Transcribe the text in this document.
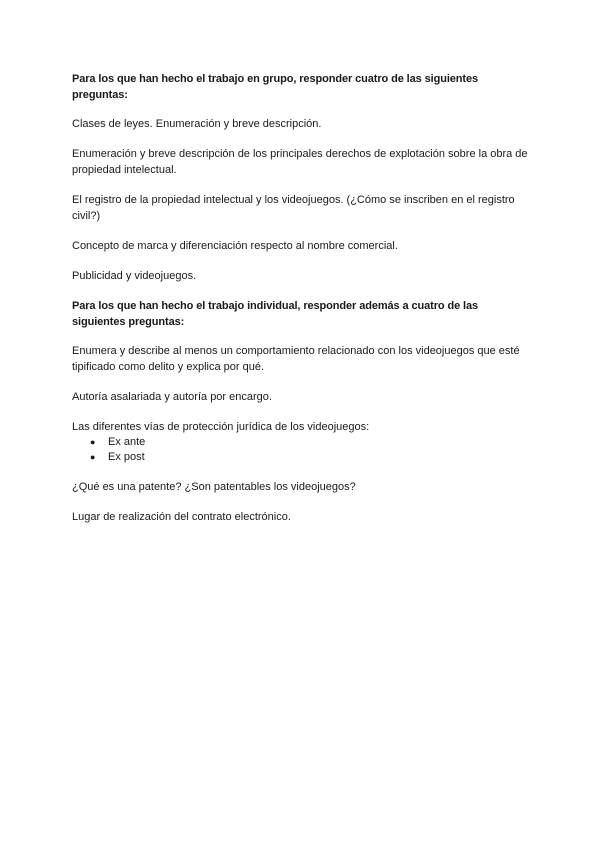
Para los que han hecho el trabajo en grupo, responder cuatro de las siguientes preguntas:

Clases de leyes. Enumeración y breve descripción.

Enumeración y breve descripción de los principales derechos de explotación sobre la obra de propiedad intelectual.

El registro de la propiedad intelectual y los videojuegos. (¿Cómo se inscriben en el registro civil?)

Concepto de marca y diferenciación respecto al nombre comercial.

Publicidad y videojuegos.

Para los que han hecho el trabajo individual, responder además a cuatro de las siguientes preguntas:

Enumera y describe al menos un comportamiento relacionado con los videojuegos que esté tipificado como delito y explica por qué.

Autoría asalariada y autoría por encargo.

Las diferentes vías de protección jurídica de los videojuegos:

● Ex ante
● Ex post

¿Qué es una patente? ¿Son patentables los videojuegos?

Lugar de realización del contrato electrónico.
